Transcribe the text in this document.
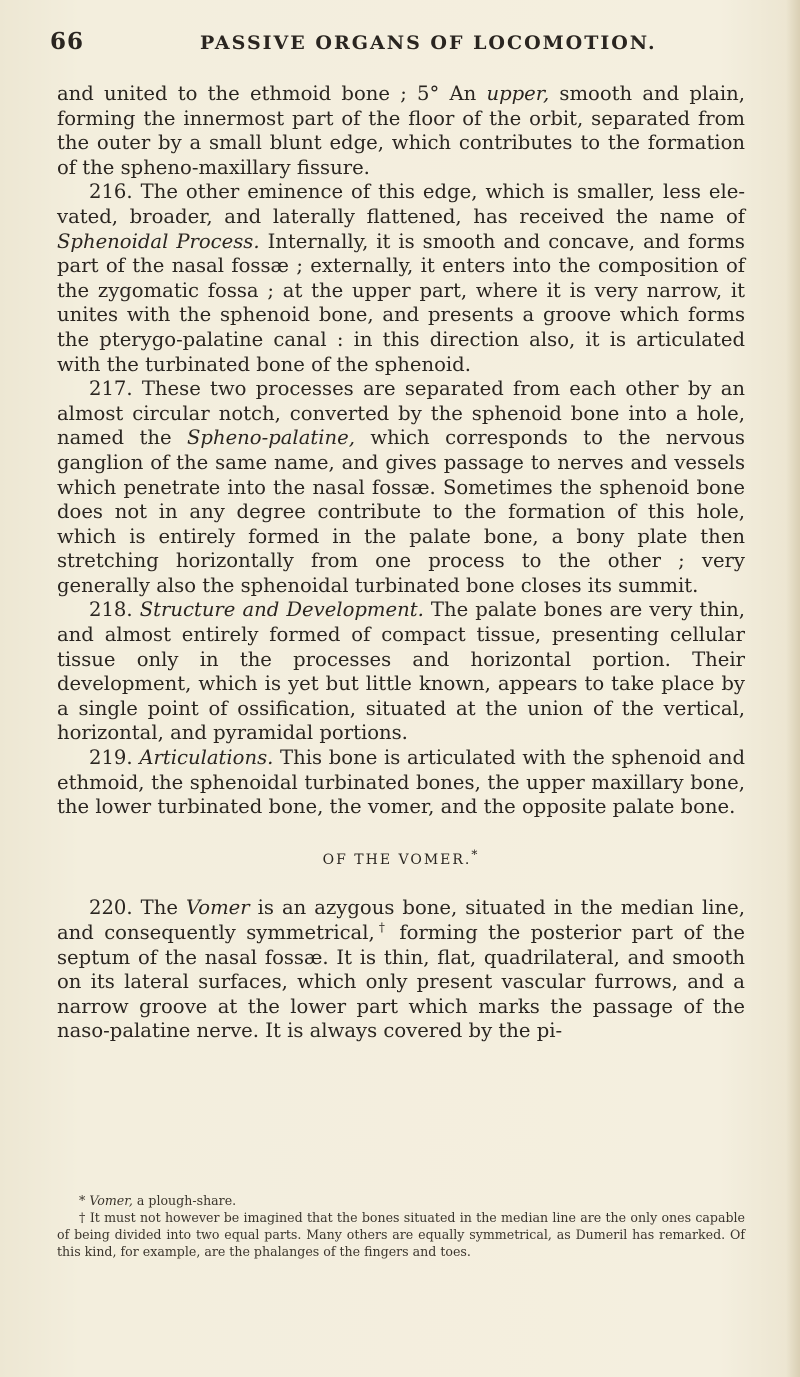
66	PASSIVE ORGANS OF LOCOMOTION.

and united to the ethmoid bone ; 5° An upper, smooth and plain, forming the innermost part of the floor of the orbit, separated from the outer by a small blunt edge, which contributes to the formation of the spheno-maxillary fissure.

216. The other eminence of this edge, which is smaller, less elevated, broader, and laterally flattened, has received the name of Sphenoidal Process. Internally, it is smooth and concave, and forms part of the nasal fossæ ; externally, it enters into the composition of the zygomatic fossa ; at the upper part, where it is very narrow, it unites with the sphenoid bone, and presents a groove which forms the pterygo-palatine canal : in this direction also, it is articulated with the turbinated bone of the sphenoid.

217. These two processes are separated from each other by an almost circular notch, converted by the sphenoid bone into a hole, named the Spheno-palatine, which corresponds to the nervous ganglion of the same name, and gives passage to nerves and vessels which penetrate into the nasal fossæ. Sometimes the sphenoid bone does not in any degree contribute to the formation of this hole, which is entirely formed in the palate bone, a bony plate then stretching horizontally from one process to the other ; very generally also the sphenoidal turbinated bone closes its summit.

218. Structure and Development. The palate bones are very thin, and almost entirely formed of compact tissue, presenting cellular tissue only in the processes and horizontal portion. Their development, which is yet but little known, appears to take place by a single point of ossification, situated at the union of the vertical, horizontal, and pyramidal portions.

219. Articulations. This bone is articulated with the sphenoid and ethmoid, the sphenoidal turbinated bones, the upper maxillary bone, the lower turbinated bone, the vomer, and the opposite palate bone.

OF THE VOMER.*

220. The Vomer is an azygous bone, situated in the median line, and consequently symmetrical,† forming the posterior part of the septum of the nasal fossæ. It is thin, flat, quadrilateral, and smooth on its lateral surfaces, which only present vascular furrows, and a narrow groove at the lower part which marks the passage of the naso-palatine nerve. It is always covered by the pi-

* Vomer, a plough-share.

† It must not however be imagined that the bones situated in the median line are the only ones capable of being divided into two equal parts. Many others are equally symmetrical, as Dumeril has remarked. Of this kind, for example, are the phalanges of the fingers and toes.
